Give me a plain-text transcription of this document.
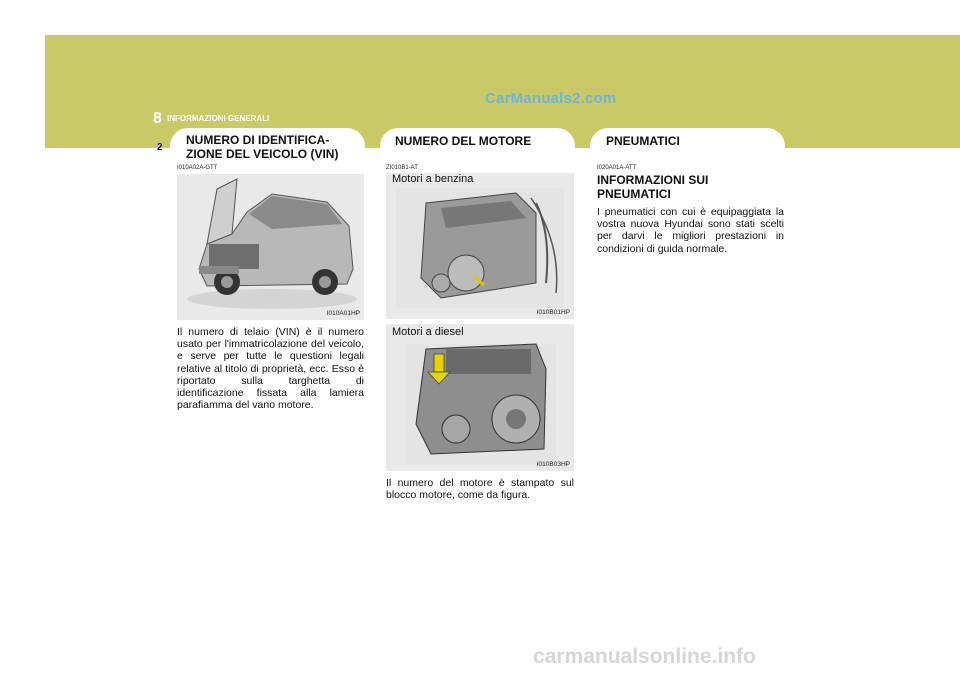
CarManuals2.com
8 INFORMAZIONI GENERALI
2
NUMERO DI IDENTIFICA-
ZIONE DEL VEICOLO (VIN)
I010A02A-GTT
I010A01HP
Il numero di telaio (VIN) è il numero usato per l'immatricolazione del veicolo, e serve per tutte le questioni legali relative al titolo di proprietà, ecc. Esso è riportato sulla targhetta di identificazione fissata alla lamiera parafiamma del vano motore.
NUMERO DEL MOTORE
ZI010B1-AT
Motori a benzina
I010B01HP
Motori a diesel
I010B03HP
Il numero del motore è stampato sul blocco motore, come da figura.
PNEUMATICI
I020A01A-ATT
INFORMAZIONI SUI
PNEUMATICI
I pneumatici con cui è equipaggiata la vostra nuova Hyundai sono stati scelti per darvi le migliori prestazioni in condizioni di guida normale.
carmanualsonline.info
